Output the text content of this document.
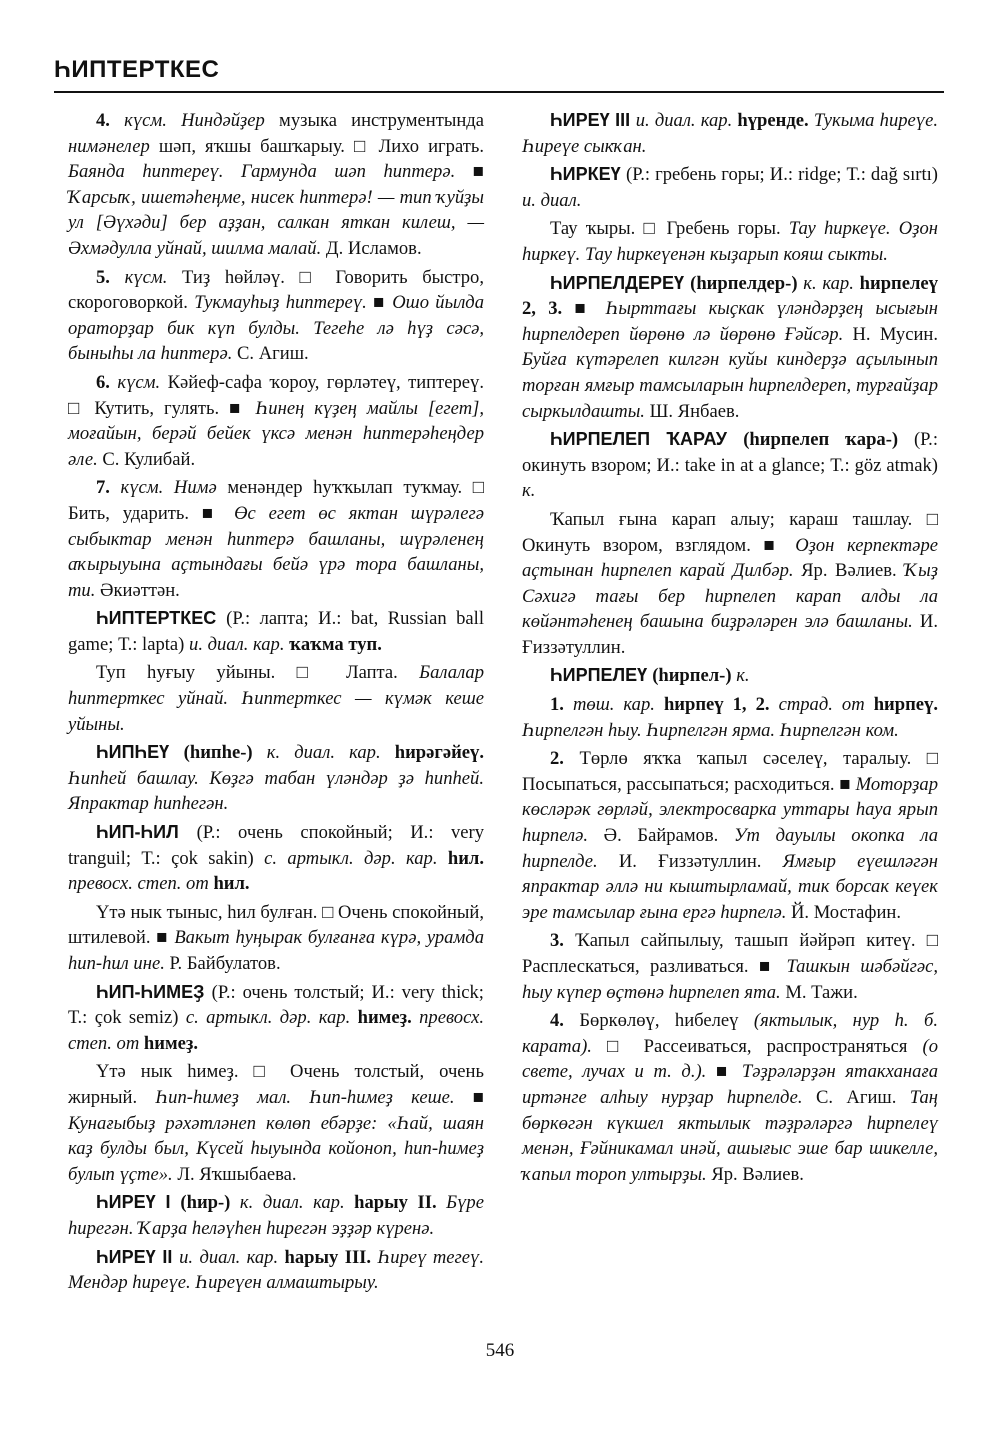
ҺИПТЕРТКЕС

4. күсм. Ниндәйҙер музыка инструментында нимәнелер шәп, яҡшы башҡарыу. □ Лихо играть. Баянда һиптереү. Гармунда шәп һиптерә. ■ Ҡарсыҡ, ишетәһеңме, нисек һиптерә! — тип ҡуйҙы ул [Әүхәди] бер аҙҙан, салкан яткан килеш, — Әхмәдулла уйнай, шилма малай. Д. Исламов.

5. күсм. Тиҙ һөйләү. □ Говорить быстро, скороговоркой. Тукмауһыҙ һиптереү. ■ Ошо йылда ораторҙар бик күп булды. Тегеһе лә һүҙ сәсә, быныһы ла һиптерә. С. Агиш.

6. күсм. Кәйеф-сафа ҡороу, гөрләтеү, типтереү. □ Кутить, гулять. ■ Һинең күҙең майлы [егет], моғайын, берәй бейек үксә менән һиптерәһеңдер әле. С. Кулибай.

7. күсм. Нимә менәндер һуҡҡылап туҡмау. □ Бить, ударить. ■ Өс егет өс яктан шүрәлегә сыбыктар менән һиптерә башланы, шүрәленең аҡырыуына аҫтындағы бейә үрә тора башланы, ти. Әкиәттән.

ҺИПТЕРТКЕС (Р.: лапта; И.: bat, Russian ball game; Т.: lapta) и. диал. кар. ҡаҡма туп.

Туп һуғыу уйыны. □ Лапта. Балалар һиптерткес уйнай. Һиптерткес — күмәк кеше уйыны.

ҺИПҺЕҮ (һипһе-) к. диал. кар. һирәгәйеү. Һипһей башлау. Көҙгә табан үләндәр ҙә һипһей. Япрактар һипһегән.

ҺИП-ҺИЛ (Р.: очень спокойный; И.: very tranguil; Т.: çok sakin) с. артыкл. дәр. кар. һил. превосх. степ. от һил.

Үтә нык тыныс, һил булған. □ Очень спокойный, штилевой. ■ Вакыт һуңырак булғанға күрә, урамда һип-һил ине. Р. Байбулатов.

ҺИП-ҺИМЕҘ (Р.: очень толстый; И.: very thick; Т.: çok semiz) с. артыкл. дәр. кар. һимеҙ. превосх. степ. от һимеҙ.

Үтә нык һимеҙ. □ Очень толстый, очень жирный. Һип-һимеҙ мал. Һип-һимеҙ кеше. ■ Кунағыбыҙ рәхәтләнеп көлөп ебәрҙе: «Һай, шаян каҙ булды был, Күсей һыуында койоноп, һип-һимеҙ булып үҫте». Л. Яҡшыбаева.

ҺИРЕҮ I (һир-) к. диал. кар. һарыу II. Бүре һирегән. Ҡарҙа һеләүһен һирегән эҙҙәр күренә.

ҺИРЕҮ II и. диал. кар. һарыу III. Һиреү тегеү. Мендәр һиреүе. Һиреүен алмаштырыу.

ҺИРЕҮ III и. диал. кар. һүренде. Тукыма һиреүе. Һиреүе сыкҡан.

ҺИРКЕҮ (Р.: гребень горы; И.: ridge; Т.: dağ sırtı) и. диал.

Тау ҡыры. □ Гребень горы. Тау һиркеүе. Оҙон һиркеү. Тау һиркеүенән кыҙарып кояш сыкты.

ҺИРПЕЛДЕРЕҮ (һирпелдер-) к. кар. һирпелеү 2, 3. ■ Һырттағы кыҫкак үләндәрҙең ысығын һирпелдереп йөрөнө лә йөрөнө Ғәйсәр. Н. Мусин. Буйға күтәрелеп килгән куйы киндерҙә аҫылынып торған ямғыр тамсыларын һирпелдереп, турғайҙар сыркылдашты. Ш. Янбаев.

ҺИРПЕЛЕП ҠАРАУ (һирпелеп ҡара-) (Р.: окинуть взором; И.: take in at a glance; Т.: göz atmak) к.

Ҡапыл ғына карап алыу; караш ташлау. □ Окинуть взором, взглядом. ■ Оҙон керпектәре аҫтынан һирпелеп карай Дилбәр. Яр. Вәлиев. Ҡыҙ Сәхигә тағы бер һирпелеп карап алды ла көйәнтәһенең башына биҙрәләрен элә башланы. И. Ғиззәтуллин.

ҺИРПЕЛЕҮ (һирпел-) к.

1. төш. кар. һирпеү 1, 2. страд. от һирпеү. Һирпелгән һыу. Һирпелгән ярма. Һирпелгән ком.

2. Төрлө яҡҡа ҡапыл сәселеү, таралыу. □ Посыпаться, рассыпаться; расходиться. ■ Моторҙар көсләрәк гөрләй, электросварка уттары һауа ярып һирпелә. Ә. Байрамов. Ут дауылы окопка ла һирпелде. И. Ғиззәтуллин. Ямғыр еүешләгән япрактар әллә ни кыштырламай, тик борсак кеүек эре тамсылар ғына ергә һирпелә. Й. Мостафин.

3. Ҡапыл сайпылыу, ташып йәйрәп китеү. □ Расплескаться, разливаться. ■ Ташкын шәбәйгәс, һыу күпер өҫтөнә һирпелеп ята. М. Тажи.

4. Бөркөлөү, һибелеү (яктылык, нур һ. б. карата). □ Рассеиваться, распространяться (о свете, лучах и т. д.). ■ Тәҙрәләрҙән ятакханаға иртәнге алһыу нурҙар һирпелде. С. Агиш. Таң бөркөгән күкшел яктылык тәҙрәләргә һирпелеү менән, Ғәйникамал инәй, ашығыс эше бар шикелле, ҡапыл тороп ултырҙы. Яр. Вәлиев.

546
